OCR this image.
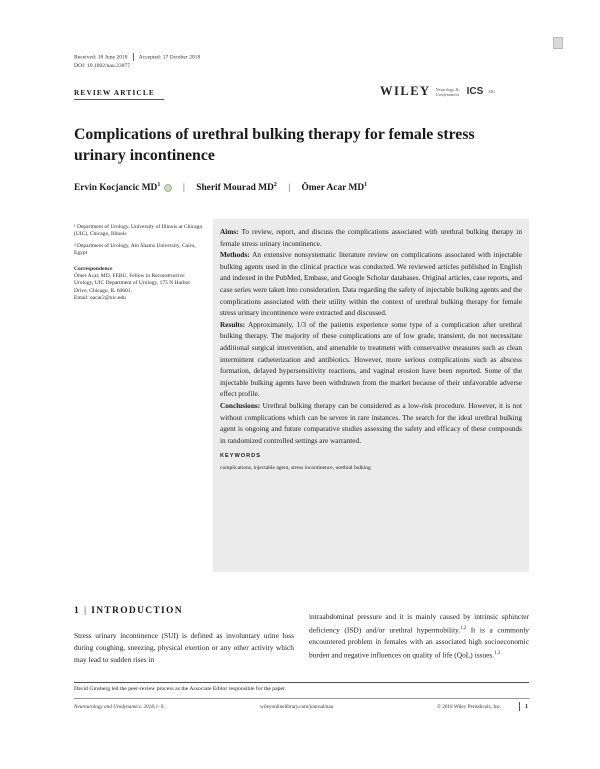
Received: 18 June 2018 Accepted: 17 October 2018
DOI: 10.1002/nau.23877
REVIEW ARTICLE	WILEY Neurology & Urodynamics ICS SIU
Complications of urethral bulking therapy for female stress urinary incontinence
Ervin Kocjancic $MD^1$ | Sherif Mourad $MD^2$ | Ömer Acar $MD^1$

¹ Department of Urology, University of Illinois at Chicago (UIC), Chicago, Illinois

² Department of Urology, Ain Shams University, Cairo, Egypt

Correspondence

Ömer Acar, MD, FEBU, Fellow in Reconstructive Urology, UIC Department of Urology, 175 N Harbor Drive, Chicago, IL 60601.

Email: oacar2@uic.edu

Aims: To review, report, and discuss the complications associated with urethral bulking therapy in female stress urinary incontinence.

Methods: An extensive nonsystematic literature review on complications associated with injectable bulking agents used in the clinical practice was conducted. We reviewed articles published in English and indexed in the PubMed, Embase, and Google Scholar databases. Original articles, case reports, and case series were taken into consideration. Data regarding the safety of injectable bulking agents and the complications associated with their utility within the context of urethral bulking therapy for female stress urinary incontinence were extracted and discussed.

Results: Approximately, 1/3 of the patients experience some type of a complication after urethral bulking therapy. The majority of these complications are of low grade, transient, do not necessitate additional surgical intervention, and amenable to treatment with conservative measures such as clean intermittent catheterization and antibiotics. However, more serious complications such as abscess formation, delayed hypersensitivity reactions, and vaginal erosion have been reported. Some of the injectable bulking agents have been withdrawn from the market because of their unfavorable adverse effect profile.

Conclusions: Urethral bulking therapy can be considered as a low-risk procedure. However, it is not without complications which can be severe in rare instances. The search for the ideal urethral bulking agent is ongoing and future comparative studies assessing the safety and efficacy of these compounds in randomized controlled settings are warranted.

KEYWORDS
complications, injectable agent, stress incontinence, urethral bulking
1 | INTRODUCTION
Stress urinary incontinence (SUI) is defined as involuntary urine loss during coughing, sneezing, physical exertion or any other activity which may lead to sudden rises in
intraabdominal pressure and it is mainly caused by intrinsic sphincter deficiency (ISD) and/or urethral hypermobility.$^{1,2}$ It is a commonly encountered problem in females with an associated high socioeconomic burden and negative influences on quality of life (QoL) issues.$^{1,3}$
David Ginsberg led the peer-review process as the Associate Editor responsible for the paper.
Neurourology and Urodynamics. 2018;1–9.	wileyonlinelibrary.com/journal/nau	© 2018 Wiley Periodicals, Inc.	1
